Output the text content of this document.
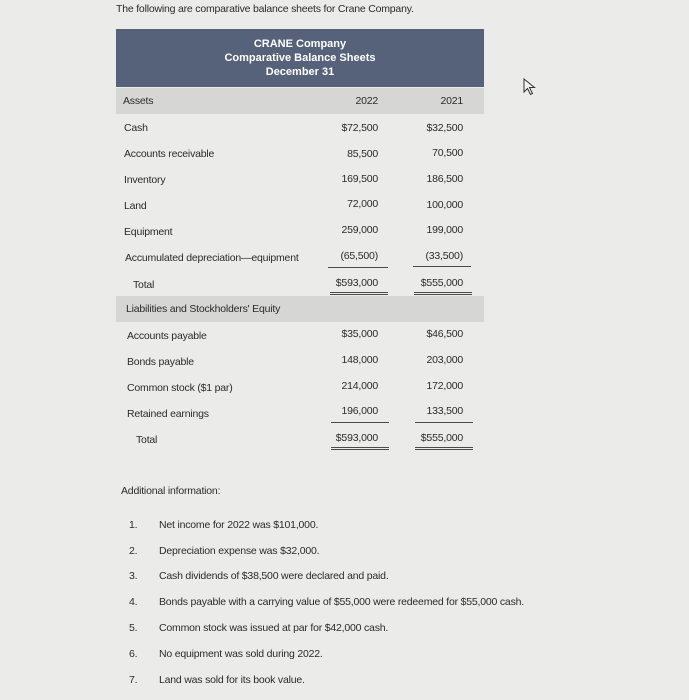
The following are comparative balance sheets for Crane Company.
CRANE Company
Comparative Balance Sheets
December 31
Assets	2022	2021
Cash	$72,500	$32,500
Accounts receivable	85,500	70,500
Inventory	169,500	186,500
Land	72,000	100,000
Equipment	259,000	199,000
Accumulated depreciation—equipment	(65,500)	(33,500)
Total	$593,000	$555,000
Liabilities and Stockholders' Equity
Accounts payable	$35,000	$46,500
Bonds payable	148,000	203,000
Common stock ($1 par)	214,000	172,000
Retained earnings	196,000	133,500
Total	$593,000	$555,000
Additional information:
1. Net income for 2022 was $101,000.
2. Depreciation expense was $32,000.
3. Cash dividends of $38,500 were declared and paid.
4. Bonds payable with a carrying value of $55,000 were redeemed for $55,000 cash.
5. Common stock was issued at par for $42,000 cash.
6. No equipment was sold during 2022.
7. Land was sold for its book value.
